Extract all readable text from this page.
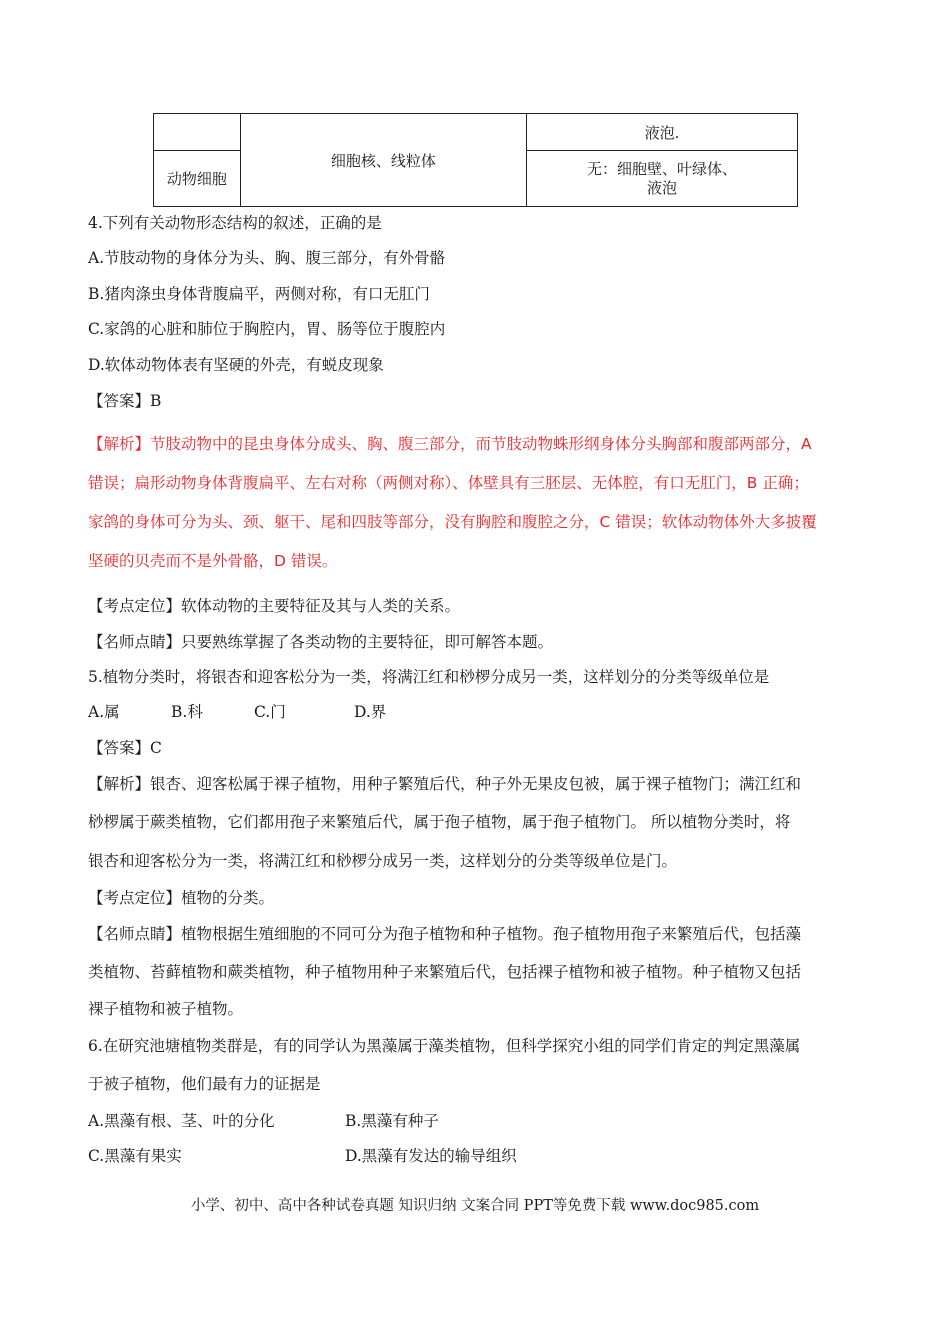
	细胞核、线粒体	液泡.
动物细胞		无：细胞壁、叶绿体、
液泡
4.下列有关动物形态结构的叙述，正确的是
A.节肢动物的身体分为头、胸、腹三部分，有外骨骼
B.猪肉涤虫身体背腹扁平，两侧对称，有口无肛门
C.家鸽的心脏和肺位于胸腔内，胃、肠等位于腹腔内
D.软体动物体表有坚硬的外壳，有蜕皮现象
【答案】B
【解析】节肢动物中的昆虫身体分成头、胸、腹三部分，而节肢动物蛛形纲身体分头胸部和腹部两部分，A
错误；扁形动物身体背腹扁平、左右对称（两侧对称）、体壁具有三胚层、无体腔，有口无肛门，B 正确；
家鸽的身体可分为头、颈、躯干、尾和四肢等部分，没有胸腔和腹腔之分，C 错误；软体动物体外大多披覆
坚硬的贝壳而不是外骨骼，D 错误。
【考点定位】软体动物的主要特征及其与人类的关系。
【名师点睛】只要熟练掌握了各类动物的主要特征，即可解答本题。
5.植物分类时，将银杏和迎客松分为一类，将满江红和桫椤分成另一类，这样划分的分类等级单位是
A.属	B.科	C.门	D.界
【答案】C
【解析】银杏、迎客松属于裸子植物，用种子繁殖后代，种子外无果皮包被，属于裸子植物门；满江红和
桫椤属于蕨类植物，它们都用孢子来繁殖后代，属于孢子植物，属于孢子植物门。 所以植物分类时，将
银杏和迎客松分为一类，将满江红和桫椤分成另一类，这样划分的分类等级单位是门。
【考点定位】植物的分类。
【名师点睛】植物根据生殖细胞的不同可分为孢子植物和种子植物。孢子植物用孢子来繁殖后代，包括藻
类植物、苔藓植物和蕨类植物，种子植物用种子来繁殖后代，包括裸子植物和被子植物。种子植物又包括
裸子植物和被子植物。
6.在研究池塘植物类群是，有的同学认为黑藻属于藻类植物，但科学探究小组的同学们肯定的判定黑藻属
于被子植物，他们最有力的证据是
A.黑藻有根、茎、叶的分化	B.黑藻有种子
C.黑藻有果实	D.黑藻有发达的输导组织
小学、初中、高中各种试卷真题 知识归纳 文案合同 PPT等免费下载 www.doc985.com
